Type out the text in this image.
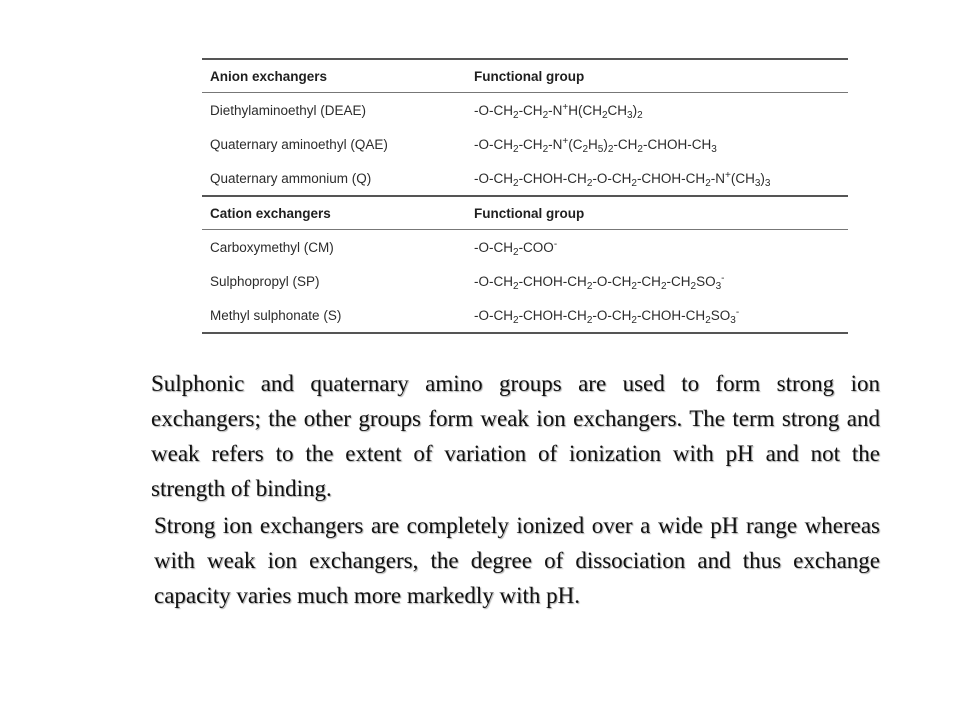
Anion exchangers	Functional group
Diethylaminoethyl (DEAE)	$-O-CH_2-CH_2-N^+H(CH_2CH_3)_2$
Quaternary aminoethyl (QAE)	$-O-CH_2-CH_2-N^+(C_2H_5)_2-CH_2-CHOH-CH_3$
Quaternary ammonium (Q)	$-O-CH_2-CHOH-CH_2-O-CH_2-CHOH-CH_2-N^+(CH_3)_3$
Cation exchangers	Functional group
Carboxymethyl (CM)	$-O-CH_2-COO^-$
Sulphopropyl (SP)	$-O-CH_2-CHOH-CH_2-O-CH_2-CH_2-CH_2SO_3^-$
Methyl sulphonate (S)	$-O-CH_2-CHOH-CH_2-O-CH_2-CHOH-CH_2SO_3^-$

Sulphonic and quaternary amino groups are used to form strong ion exchangers; the other groups form weak ion exchangers. The term strong and weak refers to the extent of variation of ionization with pH and not the strength of binding.

Strong ion exchangers are completely ionized over a wide pH range whereas with weak ion exchangers, the degree of dissociation and thus exchange capacity varies much more markedly with pH.
